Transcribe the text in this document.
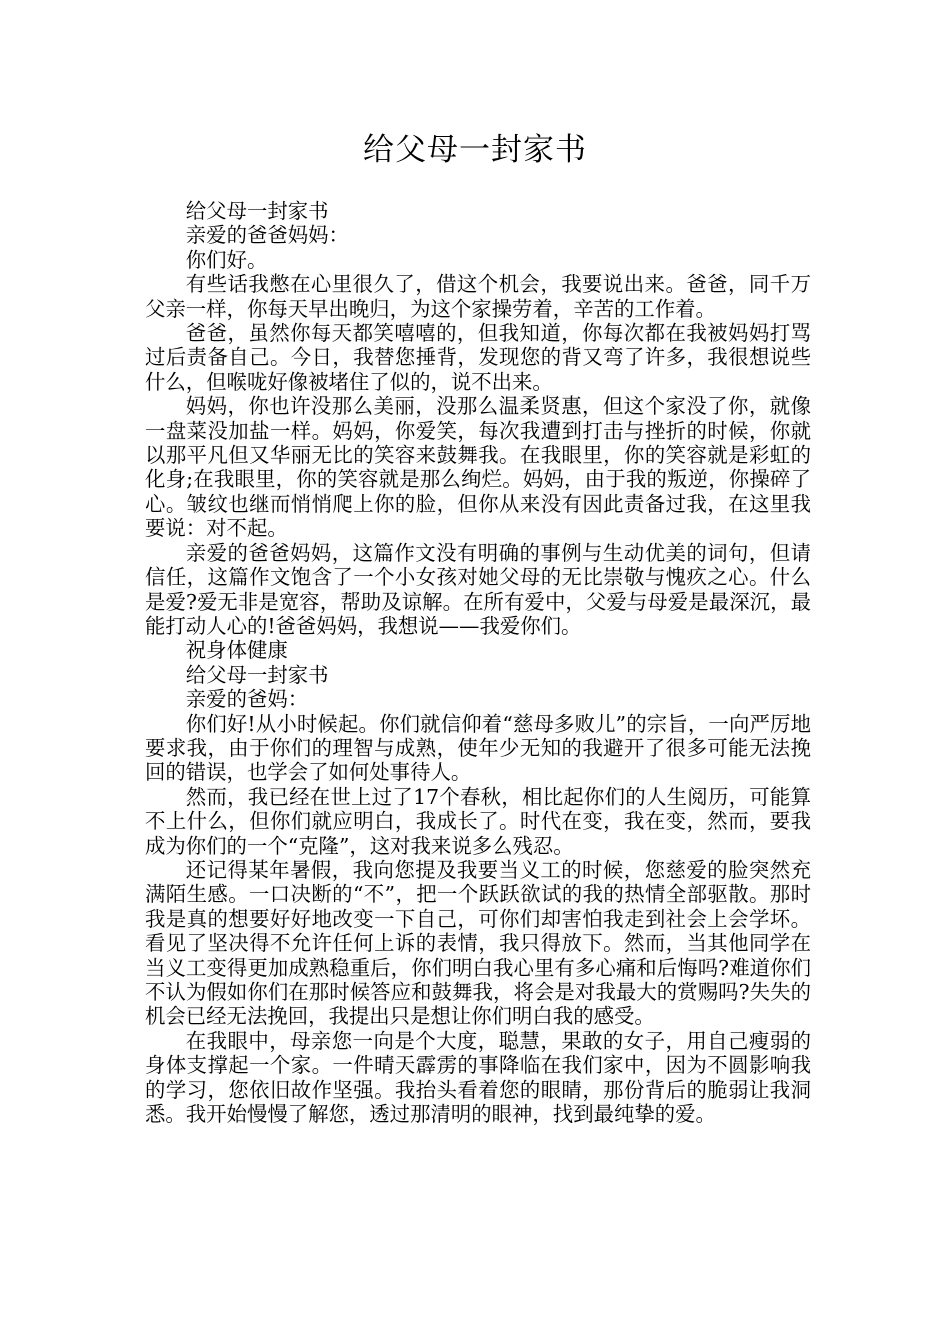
给父母一封家书

给父母一封家书

亲爱的爸爸妈妈：

你们好。

有些话我憋在心里很久了，借这个机会，我要说出来。爸爸，同千万父亲一样，你每天早出晚归，为这个家操劳着，辛苦的工作着。

爸爸，虽然你每天都笑嘻嘻的，但我知道，你每次都在我被妈妈打骂过后责备自己。今日，我替您捶背，发现您的背又弯了许多，我很想说些什么，但喉咙好像被堵住了似的，说不出来。

妈妈，你也许没那么美丽，没那么温柔贤惠，但这个家没了你，就像一盘菜没加盐一样。妈妈，你爱笑，每次我遭到打击与挫折的时候，你就以那平凡但又华丽无比的笑容来鼓舞我。在我眼里，你的笑容就是彩虹的化身;在我眼里，你的笑容就是那么绚烂。妈妈，由于我的叛逆，你操碎了心。皱纹也继而悄悄爬上你的脸，但你从来没有因此责备过我，在这里我要说：对不起。

亲爱的爸爸妈妈，这篇作文没有明确的事例与生动优美的词句，但请信任，这篇作文饱含了一个小女孩对她父母的无比崇敬与愧疚之心。什么是爱?爱无非是宽容，帮助及谅解。在所有爱中，父爱与母爱是最深沉，最能打动人心的!爸爸妈妈，我想说——我爱你们。

祝身体健康

给父母一封家书

亲爱的爸妈：

你们好!从小时候起。你们就信仰着“慈母多败儿”的宗旨，一向严厉地要求我，由于你们的理智与成熟，使年少无知的我避开了很多可能无法挽回的错误，也学会了如何处事待人。

然而，我已经在世上过了17个春秋，相比起你们的人生阅历，可能算不上什么，但你们就应明白，我成长了。时代在变，我在变，然而，要我成为你们的一个“克隆”，这对我来说多么残忍。

还记得某年暑假，我向您提及我要当义工的时候，您慈爱的脸突然充满陌生感。一口决断的“不”，把一个跃跃欲试的我的热情全部驱散。那时我是真的想要好好地改变一下自己，可你们却害怕我走到社会上会学坏。看见了坚决得不允许任何上诉的表情，我只得放下。然而，当其他同学在当义工变得更加成熟稳重后，你们明白我心里有多心痛和后悔吗?难道你们不认为假如你们在那时候答应和鼓舞我，将会是对我最大的赏赐吗?失失的机会已经无法挽回，我提出只是想让你们明白我的感受。

在我眼中，母亲您一向是个大度，聪慧，果敢的女子，用自己瘦弱的身体支撑起一个家。一件晴天霹雳的事降临在我们家中，因为不圆影响我的学习，您依旧故作坚强。我抬头看着您的眼睛，那份背后的脆弱让我洞悉。我开始慢慢了解您，透过那清明的眼神，找到最纯挚的爱。
